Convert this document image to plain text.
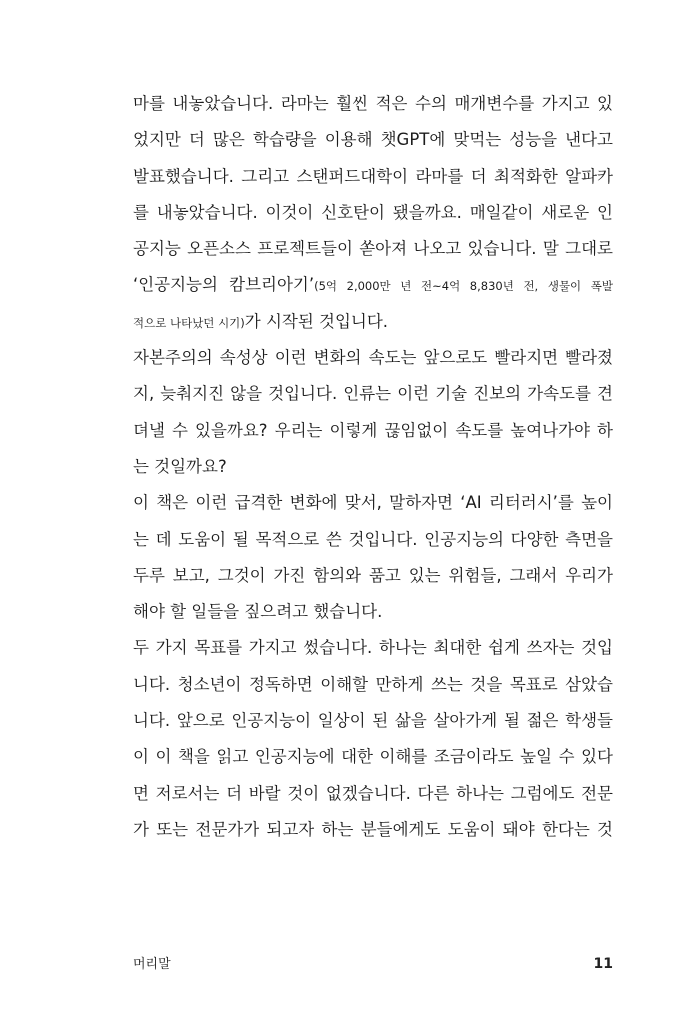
마를 내놓았습니다. 라마는 훨씬 적은 수의 매개변수를 가지고 있
었지만 더 많은 학습량을 이용해 챗GPT에 맞먹는 성능을 낸다고
발표했습니다. 그리고 스탠퍼드대학이 라마를 더 최적화한 알파카
를 내놓았습니다. 이것이 신호탄이 됐을까요. 매일같이 새로운 인
공지능 오픈소스 프로젝트들이 쏟아져 나오고 있습니다. 말 그대로
‘인공지능의 캄브리아기’(5억 2,000만 년 전~4억 8,830년 전, 생물이 폭발
적으로 나타났던 시기)가 시작된 것입니다.
자본주의의 속성상 이런 변화의 속도는 앞으로도 빨라지면 빨라졌
지, 늦춰지진 않을 것입니다. 인류는 이런 기술 진보의 가속도를 견
뎌낼 수 있을까요? 우리는 이렇게 끊임없이 속도를 높여나가야 하
는 것일까요?
이 책은 이런 급격한 변화에 맞서, 말하자면 ‘AI 리터러시’를 높이
는 데 도움이 될 목적으로 쓴 것입니다. 인공지능의 다양한 측면을
두루 보고, 그것이 가진 함의와 품고 있는 위험들, 그래서 우리가
해야 할 일들을 짚으려고 했습니다.
두 가지 목표를 가지고 썼습니다. 하나는 최대한 쉽게 쓰자는 것입
니다. 청소년이 정독하면 이해할 만하게 쓰는 것을 목표로 삼았습
니다. 앞으로 인공지능이 일상이 된 삶을 살아가게 될 젊은 학생들
이 이 책을 읽고 인공지능에 대한 이해를 조금이라도 높일 수 있다
면 저로서는 더 바랄 것이 없겠습니다. 다른 하나는 그럼에도 전문
가 또는 전문가가 되고자 하는 분들에게도 도움이 돼야 한다는 것
머리말	11
